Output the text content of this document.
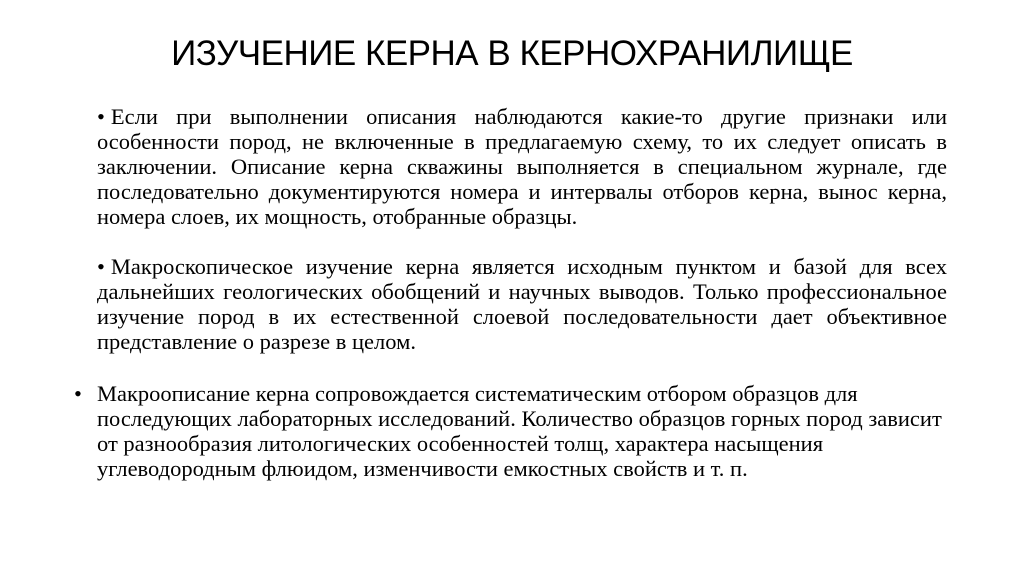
ИЗУЧЕНИЕ КЕРНА В КЕРНОХРАНИЛИЩЕ

• Если при выполнении описания наблюдаются какие-то другие признаки или особенности пород, не включенные в предлагаемую схему, то их следует описать в заключении. Описание керна скважины выполняется в специальном журнале, где последовательно документируются номера и интервалы отборов керна, вынос керна, номера слоев, их мощность, отобранные образцы.

• Макроскопическое изучение керна является исходным пунктом и базой для всех дальнейших геологических обобщений и научных выводов. Только профессиональное изучение пород в их естественной слоевой последовательности дает объективное представление о разрезе в целом.

• Макроописание керна сопровождается систематическим отбором образцов для последующих лабораторных исследований. Количество образцов горных пород зависит от разнообразия литологических особенностей толщ, характера насыщения углеводородным флюидом, изменчивости емкостных свойств и т. п.
